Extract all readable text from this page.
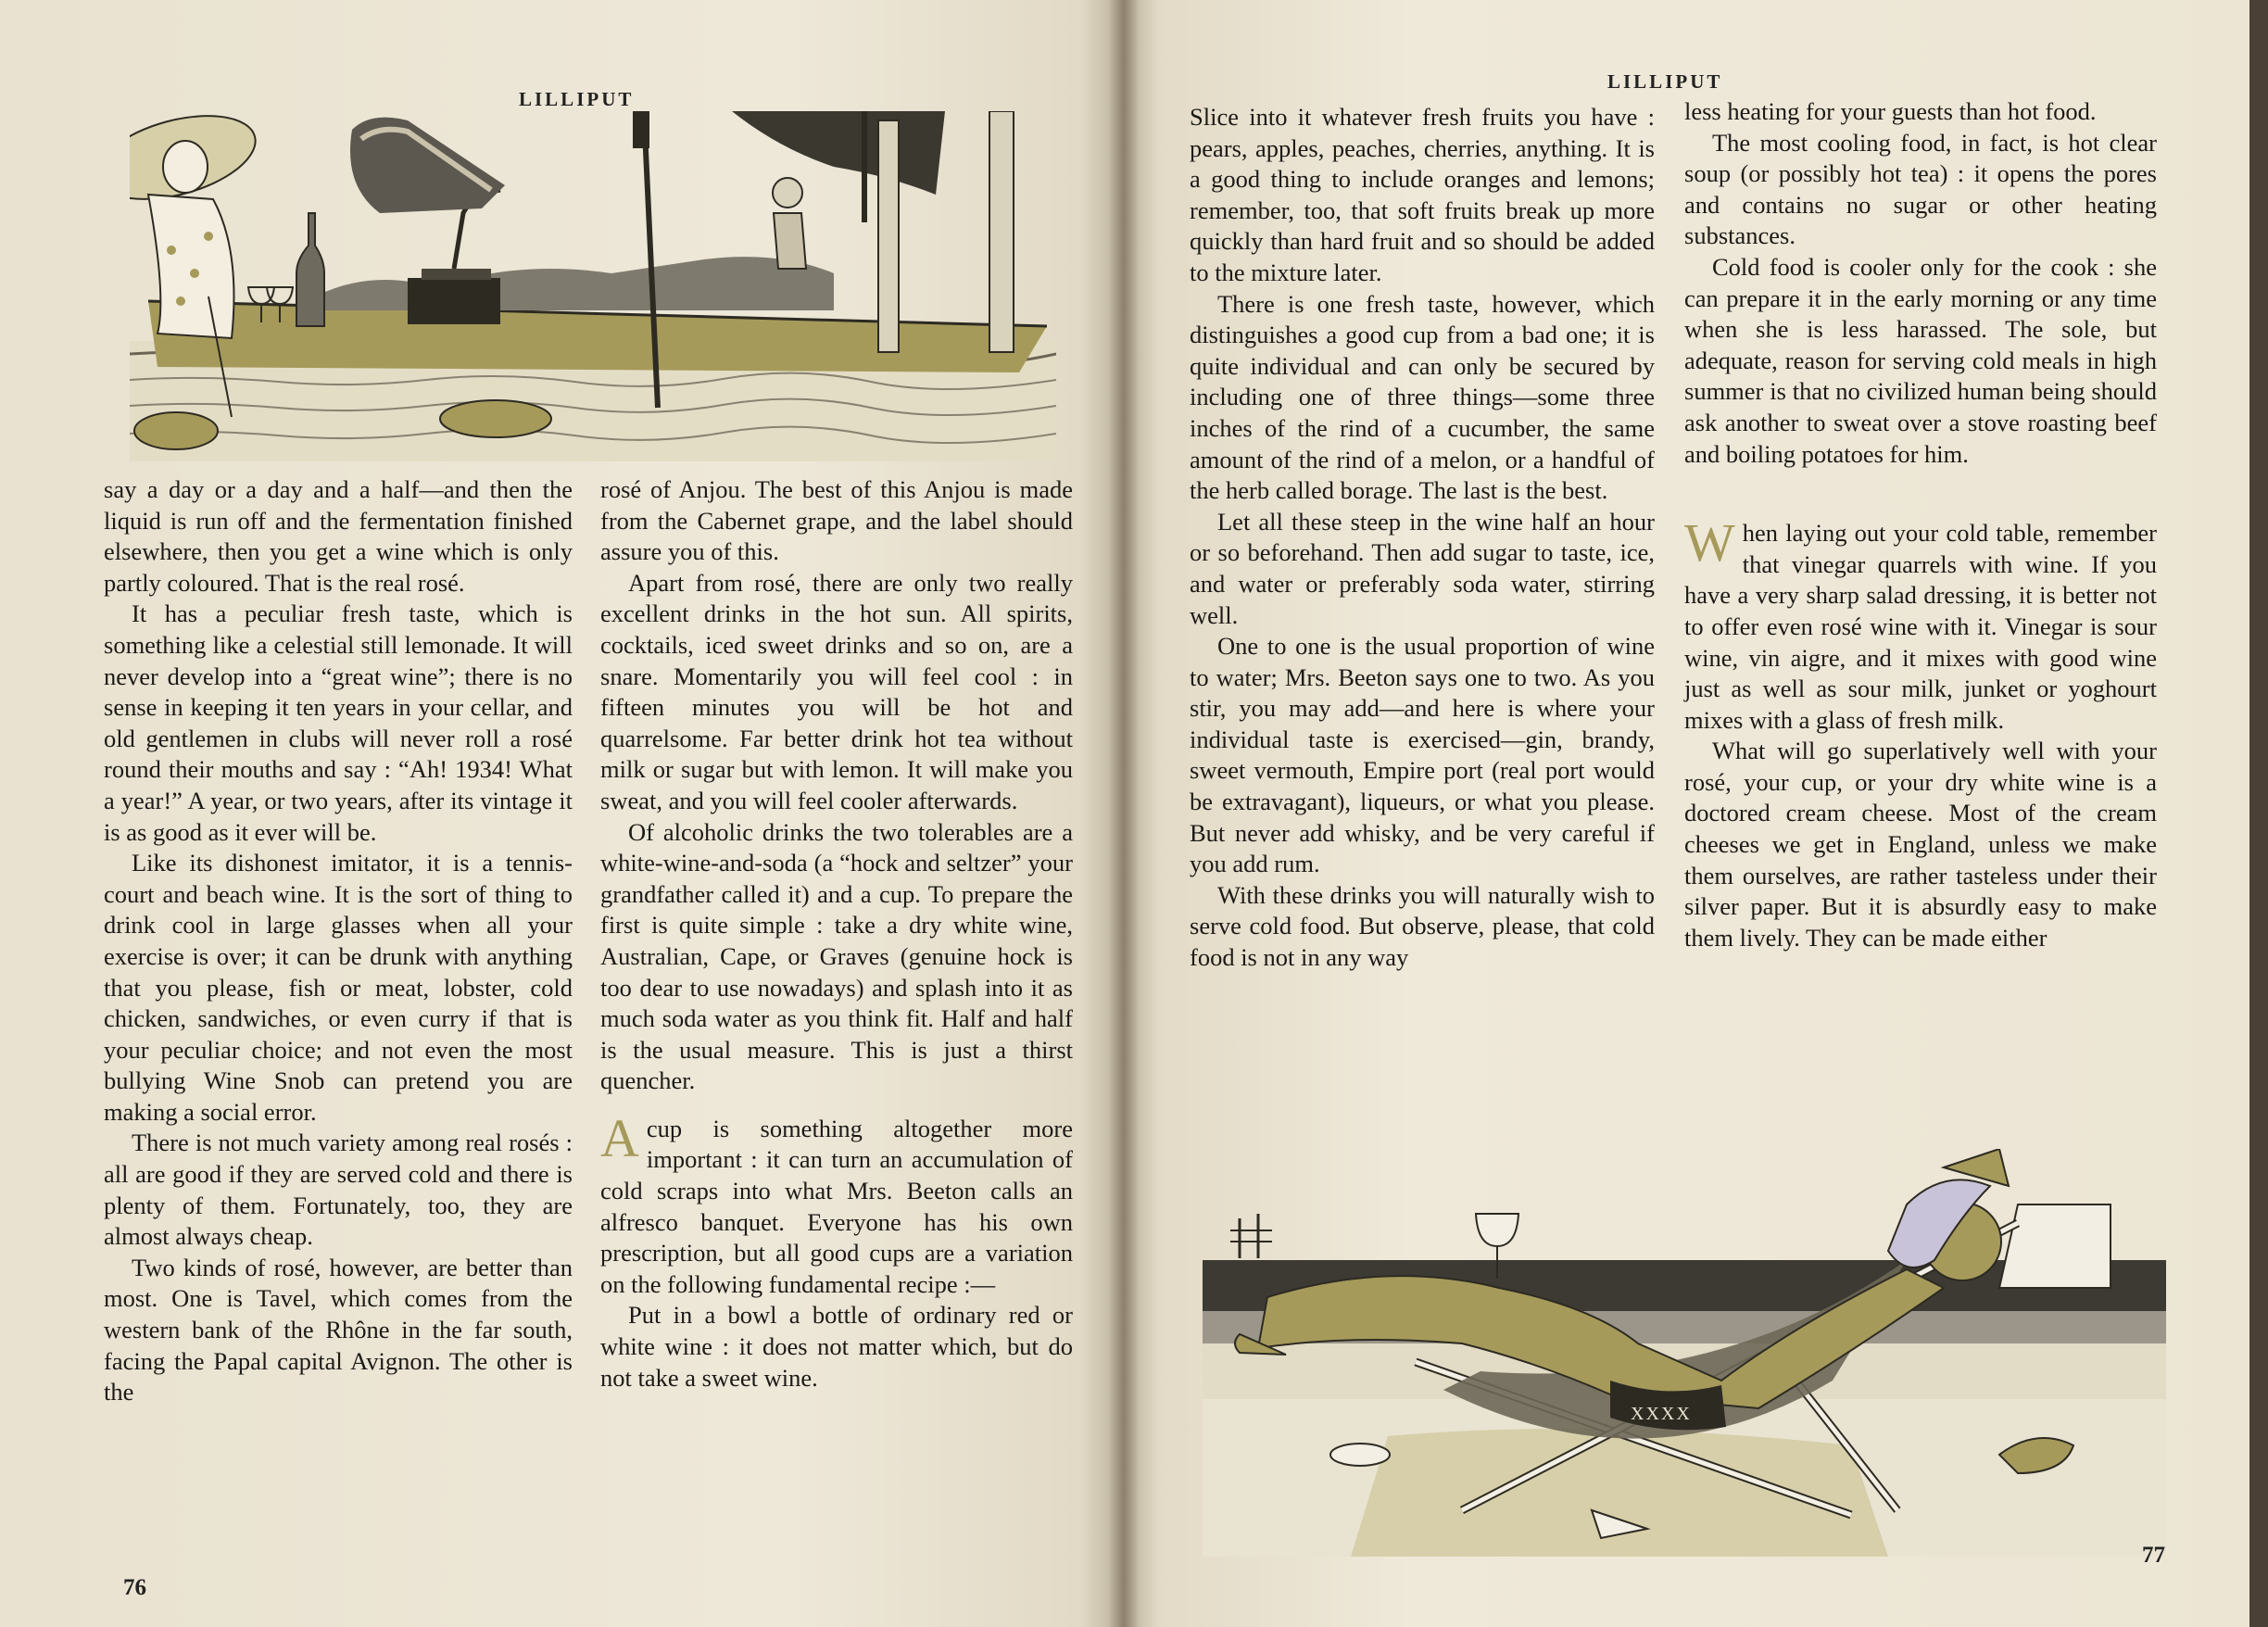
LILLIPUT

say a day or a day and a half—and then the liquid is run off and the fermentation finished elsewhere, then you get a wine which is only partly coloured. That is the real rosé.

It has a peculiar fresh taste, which is something like a celestial still lemonade. It will never develop into a “great wine”; there is no sense in keeping it ten years in your cellar, and old gentlemen in clubs will never roll a rosé round their mouths and say : “Ah! 1934! What a year!” A year, or two years, after its vintage it is as good as it ever will be.

Like its dishonest imitator, it is a tennis-court and beach wine. It is the sort of thing to drink cool in large glasses when all your exercise is over; it can be drunk with anything that you please, fish or meat, lobster, cold chicken, sandwiches, or even curry if that is your peculiar choice; and not even the most bullying Wine Snob can pretend you are making a social error.

There is not much variety among real rosés : all are good if they are served cold and there is plenty of them. Fortunately, too, they are almost always cheap.

Two kinds of rosé, however, are better than most. One is Tavel, which comes from the western bank of the Rhône in the far south, facing the Papal capital Avignon. The other is the

rosé of Anjou. The best of this Anjou is made from the Cabernet grape, and the label should assure you of this.

Apart from rosé, there are only two really excellent drinks in the hot sun. All spirits, cocktails, iced sweet drinks and so on, are a snare. Momentarily you will feel cool : in fifteen minutes you will be hot and quarrelsome. Far better drink hot tea without milk or sugar but with lemon. It will make you sweat, and you will feel cooler afterwards.

Of alcoholic drinks the two tolerables are a white-wine-and-soda (a “hock and seltzer” your grandfather called it) and a cup. To prepare the first is quite simple : take a dry white wine, Australian, Cape, or Graves (genuine hock is too dear to use nowadays) and splash into it as much soda water as you think fit. Half and half is the usual measure. This is just a thirst quencher.

A cup is something altogether more important : it can turn an accumulation of cold scraps into what Mrs. Beeton calls an alfresco banquet. Everyone has his own prescription, but all good cups are a variation on the following fundamental recipe :—

Put in a bowl a bottle of ordinary red or white wine : it does not matter which, but do not take a sweet wine.

76
LILLIPUT

Slice into it whatever fresh fruits you have : pears, apples, peaches, cherries, anything. It is a good thing to include oranges and lemons; remember, too, that soft fruits break up more quickly than hard fruit and so should be added to the mixture later.

There is one fresh taste, however, which distinguishes a good cup from a bad one; it is quite individual and can only be secured by including one of three things—some three inches of the rind of a cucumber, the same amount of the rind of a melon, or a handful of the herb called borage. The last is the best.

Let all these steep in the wine half an hour or so beforehand. Then add sugar to taste, ice, and water or preferably soda water, stirring well.

One to one is the usual proportion of wine to water; Mrs. Beeton says one to two. As you stir, you may add—and here is where your individual taste is exercised—gin, brandy, sweet vermouth, Empire port (real port would be extravagant), liqueurs, or what you please. But never add whisky, and be very careful if you add rum.

With these drinks you will naturally wish to serve cold food. But observe, please, that cold food is not in any way

less heating for your guests than hot food.

The most cooling food, in fact, is hot clear soup (or possibly hot tea) : it opens the pores and contains no sugar or other heating substances.

Cold food is cooler only for the cook : she can prepare it in the early morning or any time when she is less harassed. The sole, but adequate, reason for serving cold meals in high summer is that no civilized human being should ask another to sweat over a stove roasting beef and boiling potatoes for him.

When laying out your cold table, remember that vinegar quarrels with wine. If you have a very sharp salad dressing, it is better not to offer even rosé wine with it. Vinegar is sour wine, vin aigre, and it mixes with good wine just as well as sour milk, junket or yoghourt mixes with a glass of fresh milk.

What will go superlatively well with your rosé, your cup, or your dry white wine is a doctored cream cheese. Most of the cream cheeses we get in England, unless we make them ourselves, are rather tasteless under their silver paper. But it is absurdly easy to make them lively. They can be made either

XXXX
77
